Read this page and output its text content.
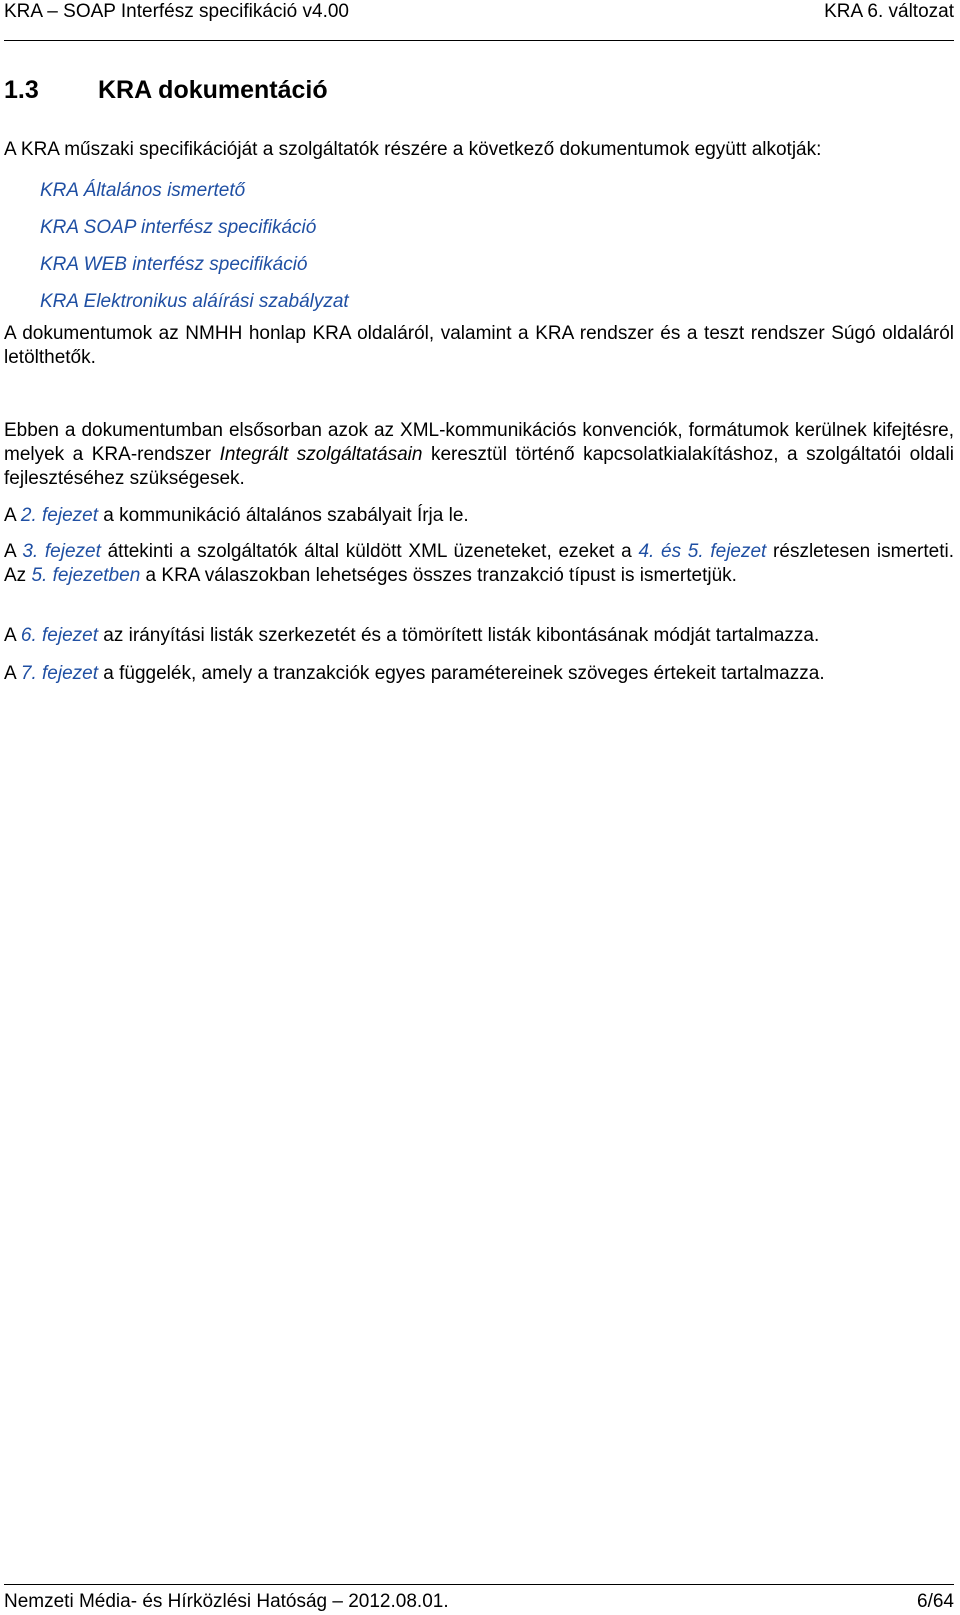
KRA – SOAP Interfész specifikáció v4.00	KRA 6. változat
1.3 KRA dokumentáció

A KRA műszaki specifikációját a szolgáltatók részére a következő dokumentumok együtt alkotják:

KRA Általános ismertető
KRA SOAP interfész specifikáció
KRA WEB interfész specifikáció
KRA Elektronikus aláírási szabályzat

A dokumentumok az NMHH honlap KRA oldaláról, valamint a KRA rendszer és a teszt rendszer Súgó oldaláról letölthetők.

Ebben a dokumentumban elsősorban azok az XML-kommunikációs konvenciók, formátumok kerülnek kifejtésre, melyek a KRA-rendszer Integrált szolgáltatásain keresztül történő kapcsolatkialakításhoz, a szolgáltatói oldali fejlesztéséhez szükségesek.

A 2. fejezet a kommunikáció általános szabályait Írja le.

A 3. fejezet áttekinti a szolgáltatók által küldött XML üzeneteket, ezeket a 4. és 5. fejezet részletesen ismerteti. Az 5. fejezetben a KRA válaszokban lehetséges összes tranzakció típust is ismertetjük.

A 6. fejezet az irányítási listák szerkezetét és a tömörített listák kibontásának módját tartalmazza.

A 7. fejezet a függelék, amely a tranzakciók egyes paramétereinek szöveges értekeit tartalmazza.

Nemzeti Média- és Hírközlési Hatóság – 2012.08.01.	6/64
